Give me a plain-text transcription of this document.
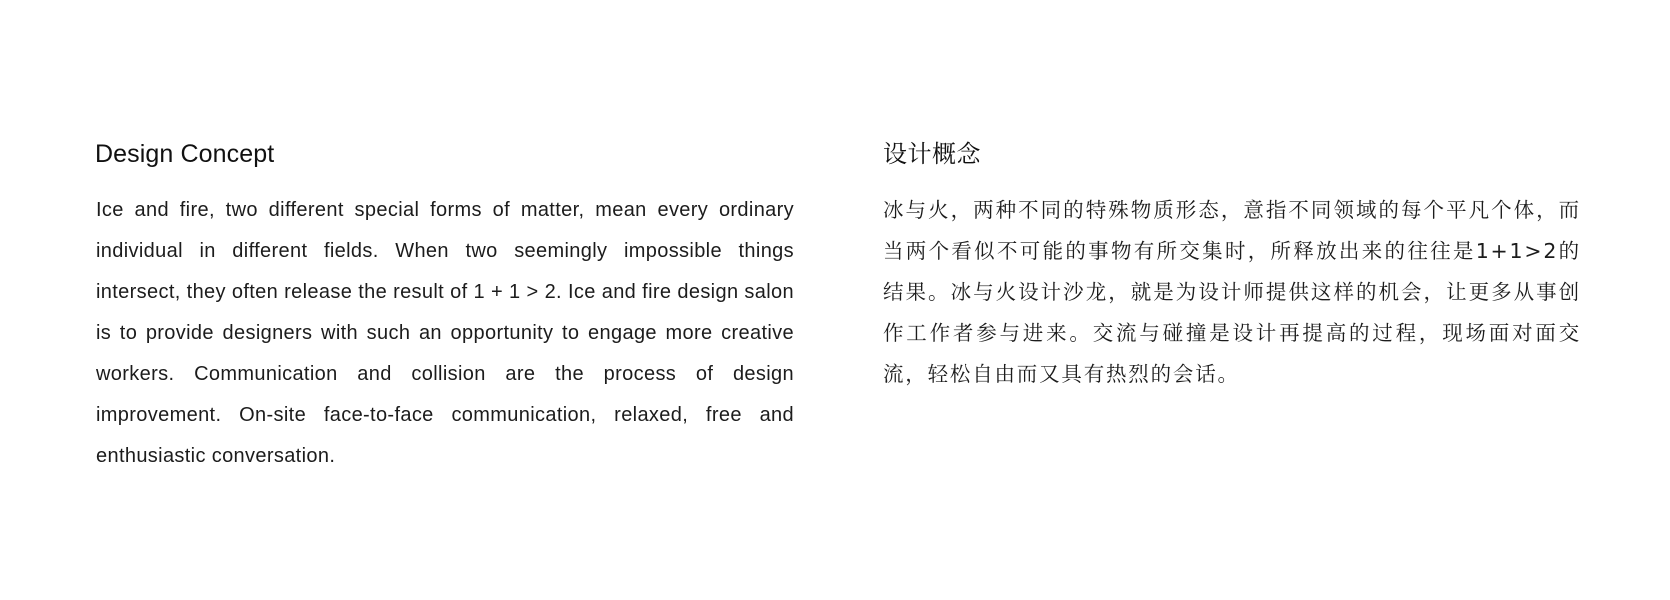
Design Concept

Ice and fire, two different special forms of matter, mean every ordinary individual in different fields. When two seemingly impossible things intersect, they often release the result of 1 + 1 > 2. Ice and fire design salon is to provide designers with such an opportunity to engage more creative workers. Communication and collision are the process of design improvement. On-site face-to-face communication, relaxed, free and enthusiastic conversation.

设计概念

冰与火，两种不同的特殊物质形态，意指不同领域的每个平凡个体，而当两个看似不可能的事物有所交集时，所释放出来的往往是1+1>2的结果。冰与火设计沙龙，就是为设计师提供这样的机会，让更多从事创作工作者参与进来。交流与碰撞是设计再提高的过程，现场面对面交流，轻松自由而又具有热烈的会话。
